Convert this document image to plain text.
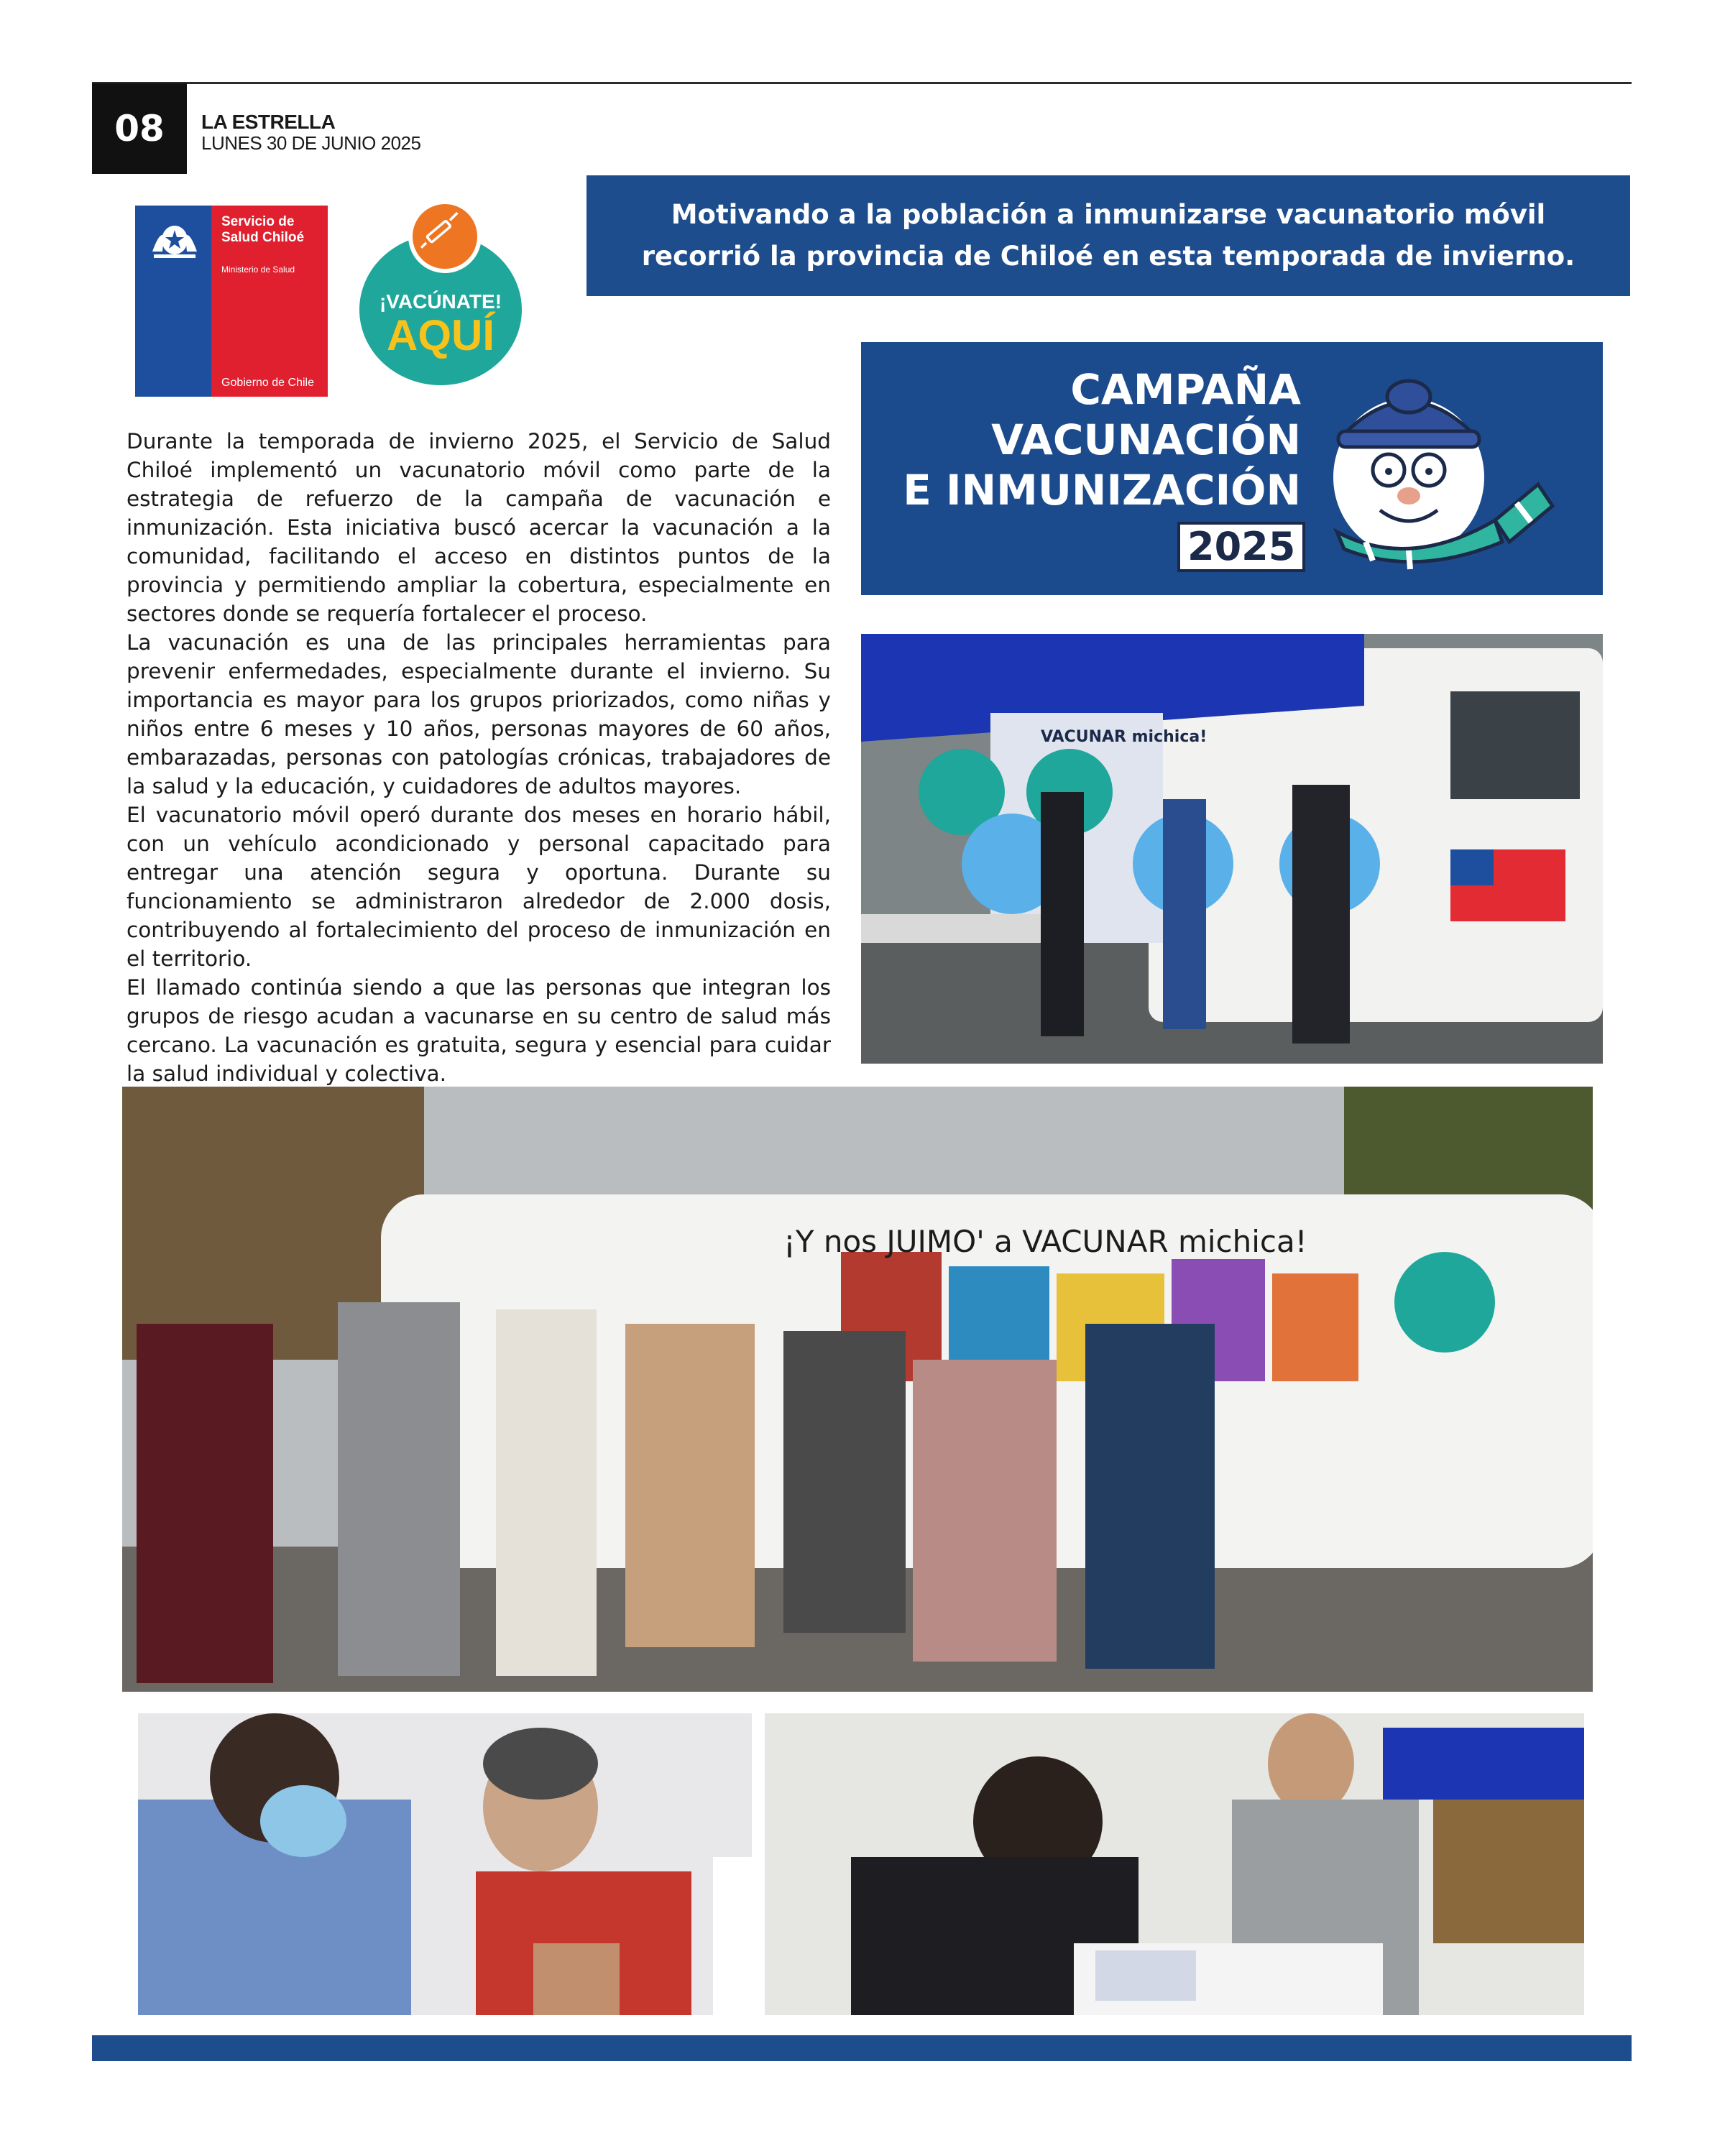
08	LA ESTRELLA
LUNES 30 DE JUNIO 2025
Servicio de Salud Chiloé
Ministerio de Salud
Gobierno de Chile
¡VACÚNATE!
AQUÍ
Motivando a la población a inmunizarse vacunatorio móvil recorrió la provincia de Chiloé en esta temporada de invierno.
CAMPAÑA
VACUNACIÓN
E INMUNIZACIÓN
2025

Durante la temporada de invierno 2025, el Servicio de Salud Chiloé implementó un vacunatorio móvil como parte de la estrategia de refuerzo de la campaña de vacunación e inmunización. Esta iniciativa buscó acercar la vacunación a la comunidad, facilitando el acceso en distintos puntos de la provincia y permitiendo ampliar la cobertura, especialmente en sectores donde se requería fortalecer el proceso.

La vacunación es una de las principales herramientas para prevenir enfermedades, especialmente durante el invierno. Su importancia es mayor para los grupos priorizados, como niñas y niños entre 6 meses y 10 años, personas mayores de 60 años, embarazadas, personas con patologías crónicas, trabajadores de la salud y la educación, y cuidadores de adultos mayores.

El vacunatorio móvil operó durante dos meses en horario hábil, con un vehículo acondicionado y personal capacitado para entregar una atención segura y oportuna. Durante su funcionamiento se administraron alrededor de 2.000 dosis, contribuyendo al fortalecimiento del proceso de inmunización en el territorio.

El llamado continúa siendo a que las personas que integran los grupos de riesgo acudan a vacunarse en su centro de salud más cercano. La vacunación es gratuita, segura y esencial para cuidar la salud individual y colectiva.

VACUNAR michica!
¡Y nos JUIMO' a VACUNAR michica!
